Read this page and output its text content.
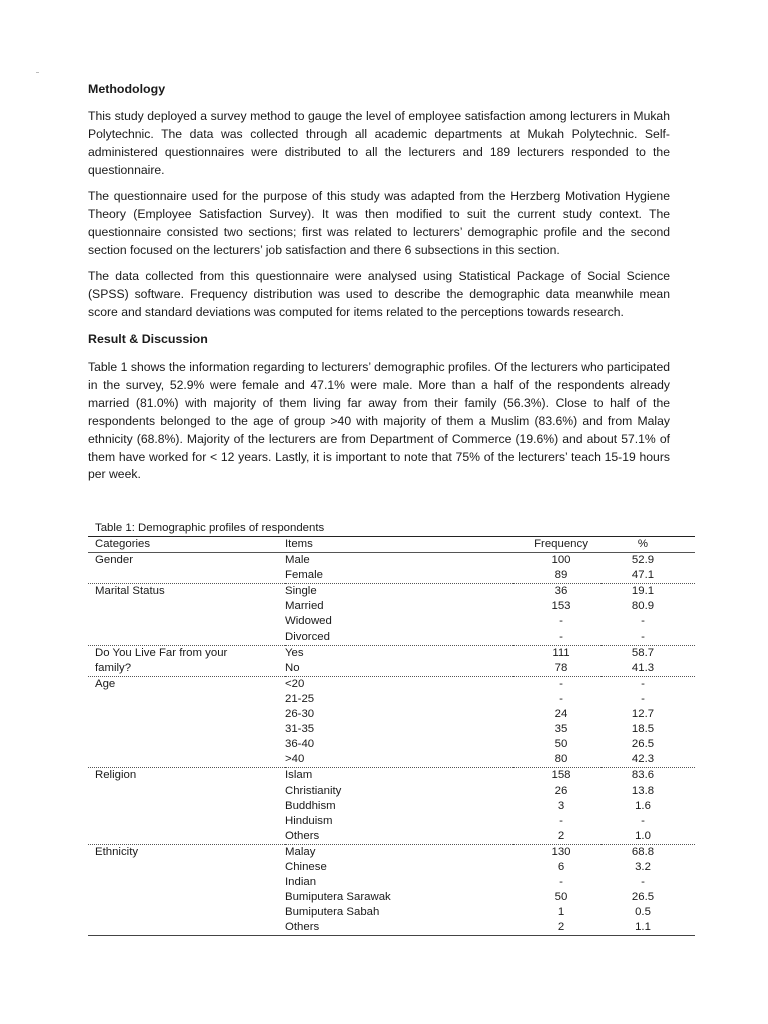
Methodology

This study deployed a survey method to gauge the level of employee satisfaction among lecturers in Mukah Polytechnic. The data was collected through all academic departments at Mukah Polytechnic. Self-administered questionnaires were distributed to all the lecturers and 189 lecturers responded to the questionnaire.

The questionnaire used for the purpose of this study was adapted from the Herzberg Motivation Hygiene Theory (Employee Satisfaction Survey). It was then modified to suit the current study context. The questionnaire consisted two sections; first was related to lecturers’ demographic profile and the second section focused on the lecturers’ job satisfaction and there 6 subsections in this section.

The data collected from this questionnaire were analysed using Statistical Package of Social Science (SPSS) software. Frequency distribution was used to describe the demographic data meanwhile mean score and standard deviations was computed for items related to the perceptions towards research.

Result & Discussion

Table 1 shows the information regarding to lecturers’ demographic profiles. Of the lecturers who participated in the survey, 52.9% were female and 47.1% were male. More than a half of the respondents already married (81.0%) with majority of them living far away from their family (56.3%). Close to half of the respondents belonged to the age of group >40 with majority of them a Muslim (83.6%) and from Malay ethnicity (68.8%). Majority of the lecturers are from Department of Commerce (19.6%) and about 57.1% of them have worked for < 12 years. Lastly, it is important to note that 75% of the lecturers’ teach 15-19 hours per week.

Table 1: Demographic profiles of respondents
Categories	Items	Frequency	%
Gender	Male	100	52.9
	Female	89	47.1
Marital Status	Single	36	19.1
	Married	153	80.9
	Widowed	-	-
	Divorced	-	-
Do You Live Far from your	Yes	111	58.7
family?	No	78	41.3
Age	<20	-	-
	21-25	-	-
	26-30	24	12.7
	31-35	35	18.5
	36-40	50	26.5
	>40	80	42.3
Religion	Islam	158	83.6
	Christianity	26	13.8
	Buddhism	3	1.6
	Hinduism	-	-
	Others	2	1.0
Ethnicity	Malay	130	68.8
	Chinese	6	3.2
	Indian	-	-
	Bumiputera Sarawak	50	26.5
	Bumiputera Sabah	1	0.5
	Others	2	1.1
